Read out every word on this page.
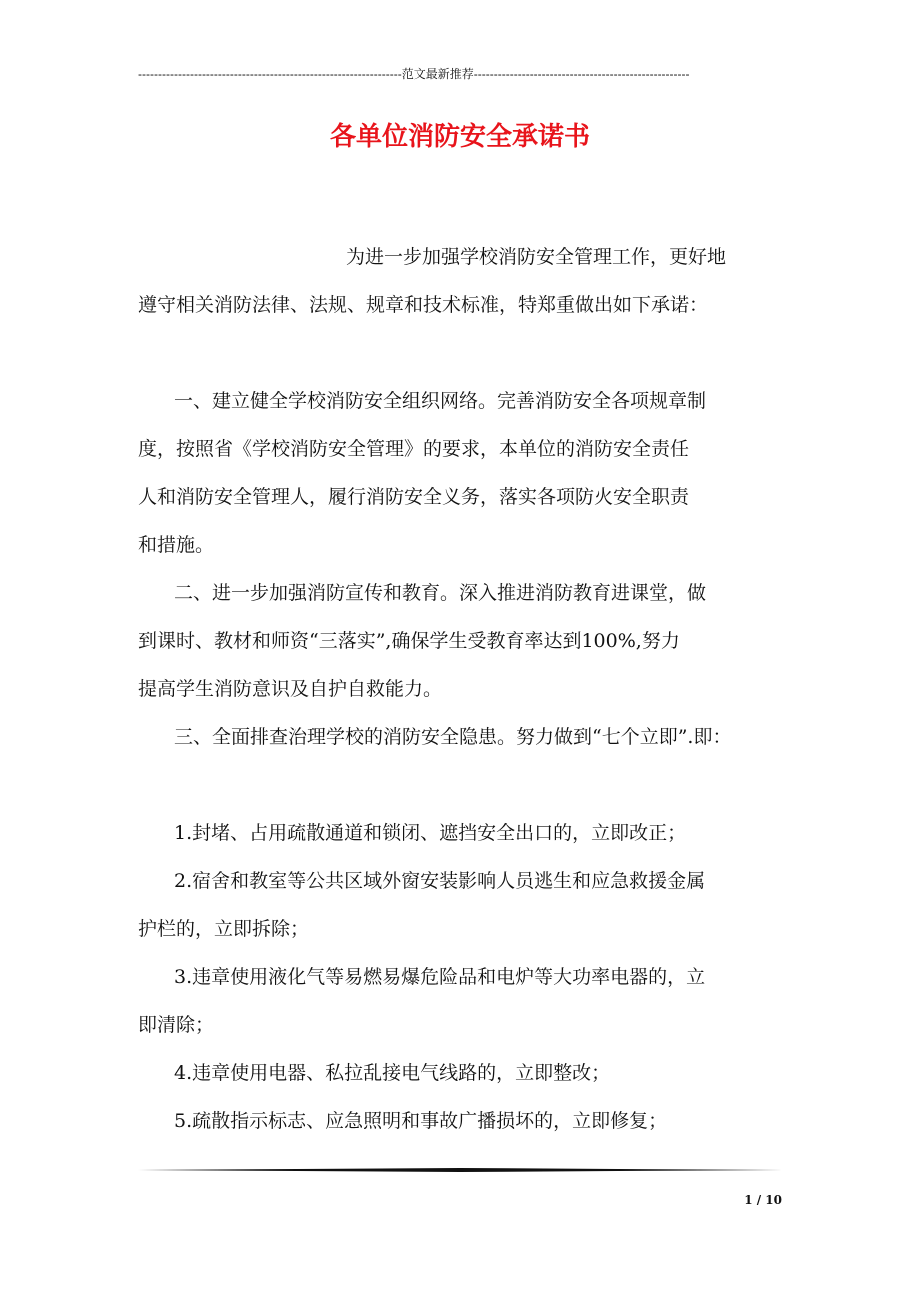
------------------------------------------------------------------范文最新推荐------------------------------------------------------
各单位消防安全承诺书
为进一步加强学校消防安全管理工作，更好地
遵守相关消防法律、法规、规章和技术标准，特郑重做出如下承诺：
一、建立健全学校消防安全组织网络。完善消防安全各项规章制
度，按照省《学校消防安全管理》的要求，本单位的消防安全责任
人和消防安全管理人，履行消防安全义务，落实各项防火安全职责
和措施。
二、进一步加强消防宣传和教育。深入推进消防教育进课堂，做
到课时、教材和师资“三落实”,确保学生受教育率达到100%,努力
提高学生消防意识及自护自救能力。
三、全面排查治理学校的消防安全隐患。努力做到“七个立即”.即：
1.封堵、占用疏散通道和锁闭、遮挡安全出口的，立即改正；
2.宿舍和教室等公共区域外窗安装影响人员逃生和应急救援金属
护栏的，立即拆除；
3.违章使用液化气等易燃易爆危险品和电炉等大功率电器的，立
即清除；
4.违章使用电器、私拉乱接电气线路的，立即整改；
5.疏散指示标志、应急照明和事故广播损坏的，立即修复；
1 / 10
